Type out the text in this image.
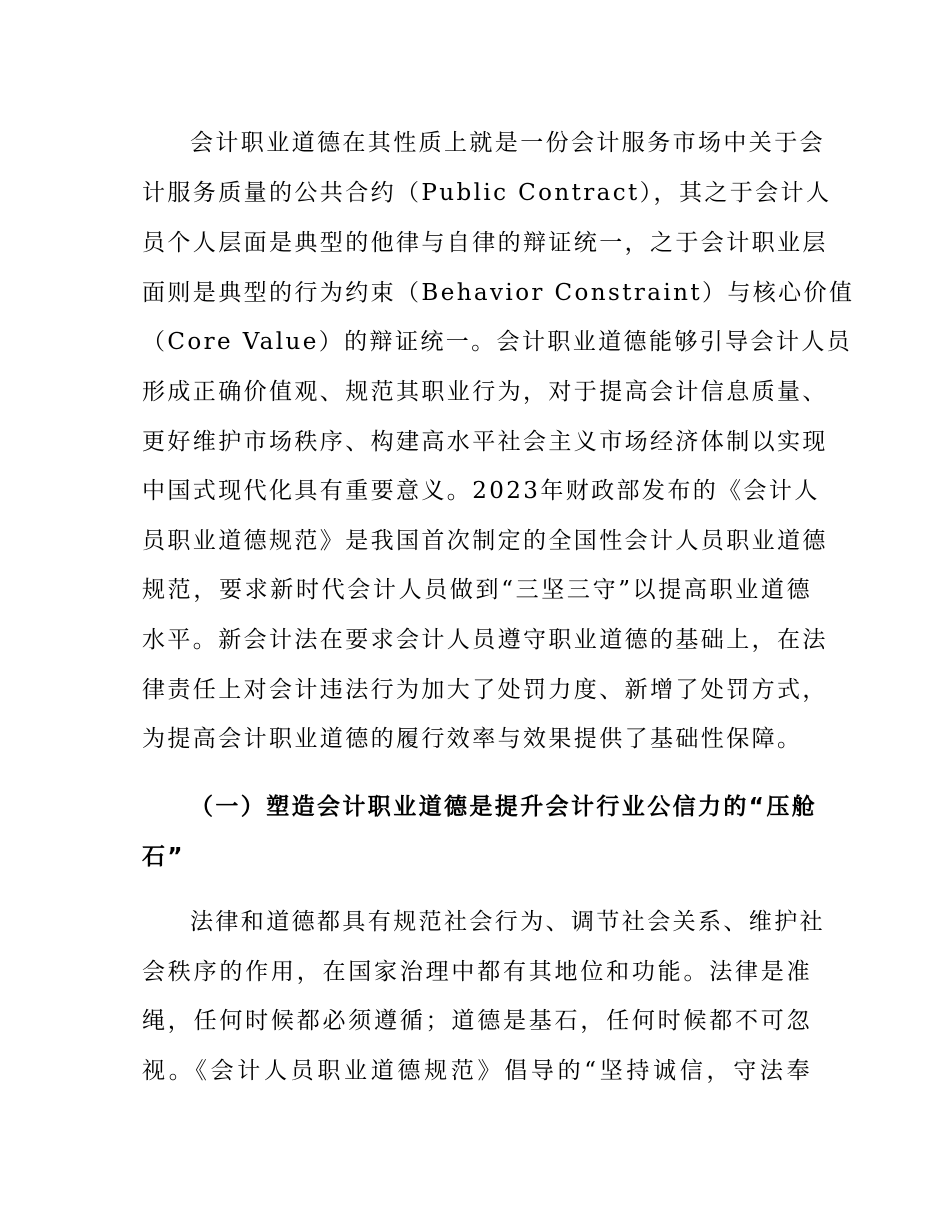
会计职业道德在其性质上就是一份会计服务市场中关于会
计服务质量的公共合约（Public Contract），其之于会计人
员个人层面是典型的他律与自律的辩证统一，之于会计职业层
面则是典型的行为约束（Behavior Constraint）与核心价值
（Core Value）的辩证统一。会计职业道德能够引导会计人员
形成正确价值观、规范其职业行为，对于提高会计信息质量、
更好维护市场秩序、构建高水平社会主义市场经济体制以实现
中国式现代化具有重要意义。2023年财政部发布的《会计人
员职业道德规范》是我国首次制定的全国性会计人员职业道德
规范，要求新时代会计人员做到“三坚三守”以提高职业道德
水平。新会计法在要求会计人员遵守职业道德的基础上，在法
律责任上对会计违法行为加大了处罚力度、新增了处罚方式，
为提高会计职业道德的履行效率与效果提供了基础性保障。
（一）塑造会计职业道德是提升会计行业公信力的“压舱
石”
法律和道德都具有规范社会行为、调节社会关系、维护社
会秩序的作用，在国家治理中都有其地位和功能。法律是准
绳，任何时候都必须遵循；道德是基石，任何时候都不可忽
视。《会计人员职业道德规范》倡导的“坚持诚信，守法奉
